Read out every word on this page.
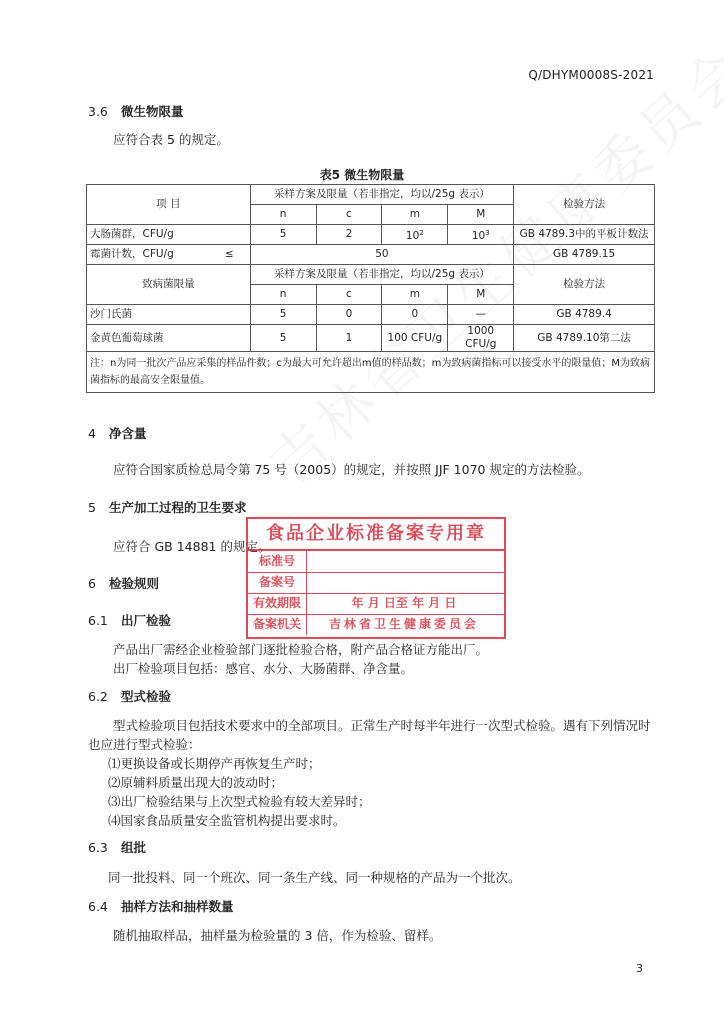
Q/DHYM0008S-2021
3.6 微生物限量
应符合表 5 的规定。
表5 微生物限量
项 目	采样方案及限量（若非指定，均以/25g 表示）				检验方法
	n	c	m	M	
大肠菌群，CFU/g	5	2	$10^2$	$10^3$	GB 4789.3中的平板计数法
霉菌计数，CFU/g ≤	50				GB 4789.15
致病菌限量	采样方案及限量（若非指定，均以/25g 表示）				检验方法
	n	c	m	M	
沙门氏菌	5	0	0	—	GB 4789.4
金黄色葡萄球菌	5	1	100 CFU/g	1000 CFU/g	GB 4789.10第二法
注：n为同一批次产品应采集的样品件数；c为最大可允许超出m值的样品数；m为致病菌指标可以接受水平的限量值；M为致病菌指标的最高安全限量值。					
4 净含量
应符合国家质检总局令第 75 号（2005）的规定，并按照 JJF 1070 规定的方法检验。
5 生产加工过程的卫生要求
应符合 GB 14881 的规定。
6 检验规则
6.1 出厂检验
产品出厂需经企业检验部门逐批检验合格，附产品合格证方能出厂。
出厂检验项目包括：感官、水分、大肠菌群、净含量。
6.2 型式检验
型式检验项目包括技术要求中的全部项目。正常生产时每半年进行一次型式检验。遇有下列情况时
也应进行型式检验：
⑴更换设备或长期停产再恢复生产时；
⑵原辅料质量出现大的波动时；
⑶出厂检验结果与上次型式检验有较大差异时；
⑷国家食品质量安全监管机构提出要求时。
6.3 组批
同一批投料、同一个班次、同一条生产线、同一种规格的产品为一个批次。
6.4 抽样方法和抽样数量
随机抽取样品，抽样量为检验量的 3 倍，作为检验、留样。
食品企业标准备案专用章
标准号
备案号
有效期限	年 月 日至 年 月 日
备案机关	吉林省卫生健康委员会
3
